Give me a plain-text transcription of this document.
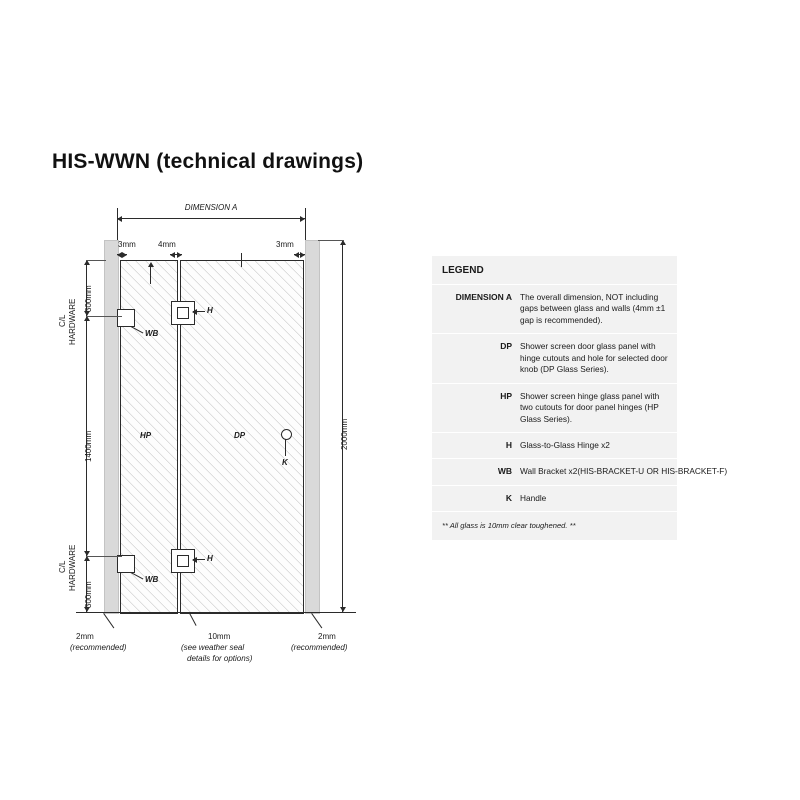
HIS-WWN (technical drawings)
DIMENSION A
3mm	4mm	3mm
HP	DP
H
WB
H
WB
K
300mm
1400mm
300mm
C/L HARDWARE
C/L HARDWARE
2000mm
2mm
(recommended)
10mm
(see weather seal
details for options)
2mm
(recommended)
LEGEND
DIMENSION A The overall dimension, NOT including gaps between glass and walls (4mm ±1 gap is recommended).
DP Shower screen door glass panel with hinge cutouts and hole for selected door knob (DP Glass Series).
HP Shower screen hinge glass panel with two cutouts for door panel hinges (HP Glass Series).
H Glass-to-Glass Hinge x2
WB Wall Bracket x2(HIS-BRACKET-U OR HIS-BRACKET-F)
K Handle
** All glass is 10mm clear toughened. **
